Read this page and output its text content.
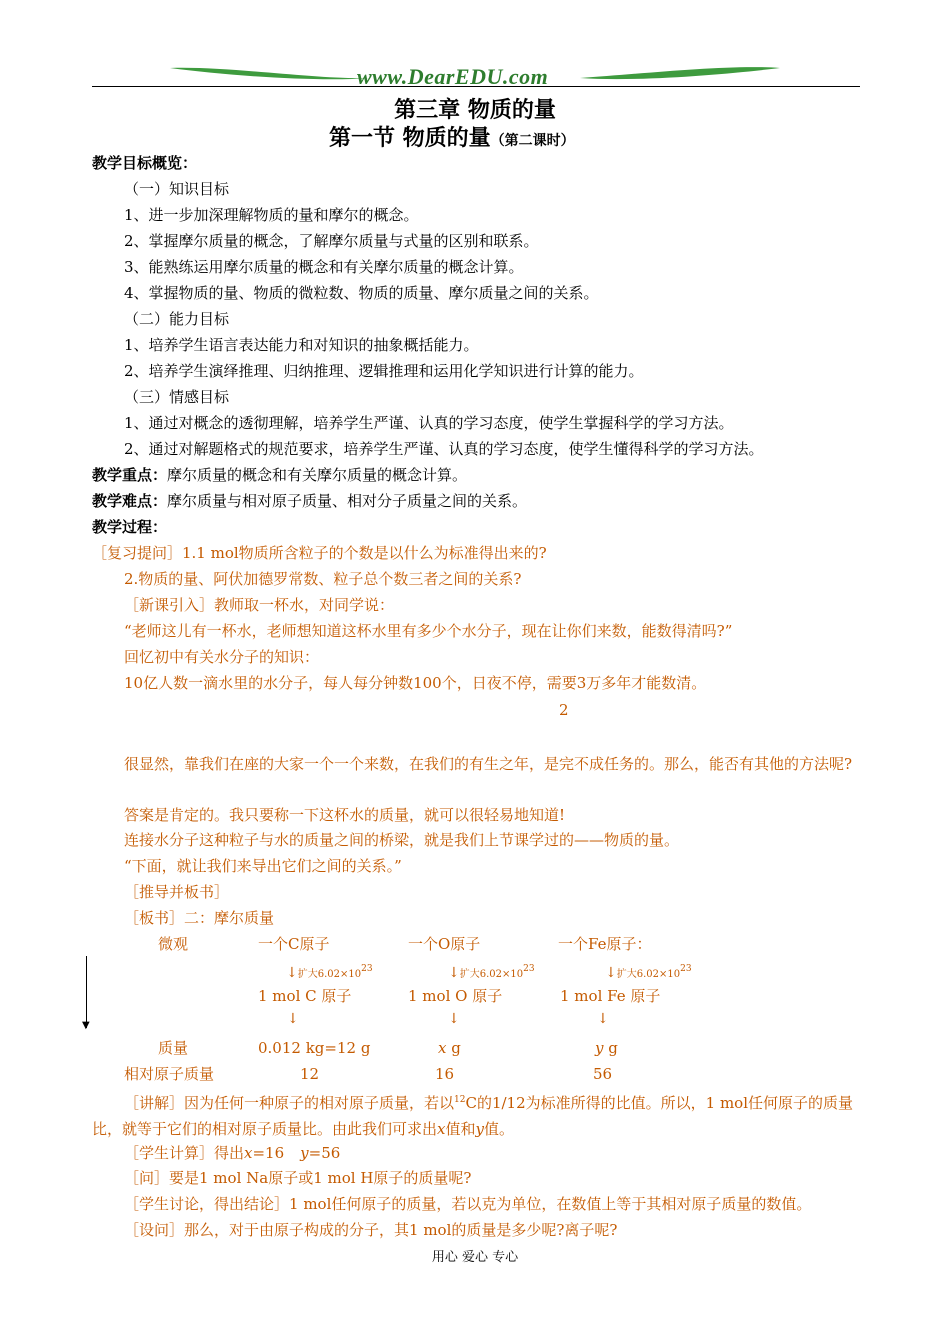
www.DearEDU.com
第三章 物质的量
第一节 物质的量（第二课时）
教学目标概览：
（一）知识目标
1、进一步加深理解物质的量和摩尔的概念。
2、掌握摩尔质量的概念，了解摩尔质量与式量的区别和联系。
3、能熟练运用摩尔质量的概念和有关摩尔质量的概念计算。
4、掌握物质的量、物质的微粒数、物质的质量、摩尔质量之间的关系。
（二）能力目标
1、培养学生语言表达能力和对知识的抽象概括能力。
2、培养学生演绎推理、归纳推理、逻辑推理和运用化学知识进行计算的能力。
（三）情感目标
1、通过对概念的透彻理解，培养学生严谨、认真的学习态度，使学生掌握科学的学习方法。
2、通过对解题格式的规范要求，培养学生严谨、认真的学习态度，使学生懂得科学的学习方法。
教学重点：摩尔质量的概念和有关摩尔质量的概念计算。
教学难点：摩尔质量与相对原子质量、相对分子质量之间的关系。
教学过程：
［复习提问］1.1 mol物质所含粒子的个数是以什么为标准得出来的?
2.物质的量、阿伏加德罗常数、粒子总个数三者之间的关系?
［新课引入］教师取一杯水，对同学说：
“老师这儿有一杯水，老师想知道这杯水里有多少个水分子，现在让你们来数，能数得清吗?”
回忆初中有关水分子的知识：
10亿人数一滴水里的水分子，每人每分钟数100个，日夜不停，需要3万多年才能数清。
2
很显然，靠我们在座的大家一个一个来数，在我们的有生之年，是完不成任务的。那么，能否有其他的方法呢?
答案是肯定的。我只要称一下这杯水的质量，就可以很轻易地知道!
连接水分子这种粒子与水的质量之间的桥梁，就是我们上节课学过的——物质的量。
“下面，就让我们来导出它们之间的关系。”
［推导并板书］
［板书］二：摩尔质量
▼
微观	一个C原子	一个O原子	一个Fe原子：
↓扩大$6.02\times 10^{23}$	↓扩大$6.02\times 10^{23}$	↓扩大$6.02\times 10^{23}$
1 mol C 原子	1 mol O 原子	1 mol Fe 原子
↓	↓	↓
质量	0.012 kg=12 g	x g	y g
相对原子质量	12	16	56
［讲解］因为任何一种原子的相对原子质量，若以$^{12}$C的1/12为标准所得的比值。所以，1 mol任何原子的质量比，就等于它们的相对原子质量比。由此我们可求出x值和y值。
［学生计算］得出x=16 y=56
［问］要是1 mol Na原子或1 mol H原子的质量呢?
［学生讨论，得出结论］1 mol任何原子的质量，若以克为单位，在数值上等于其相对原子质量的数值。
［设问］那么，对于由原子构成的分子，其1 mol的质量是多少呢?离子呢?
用心 爱心 专心
